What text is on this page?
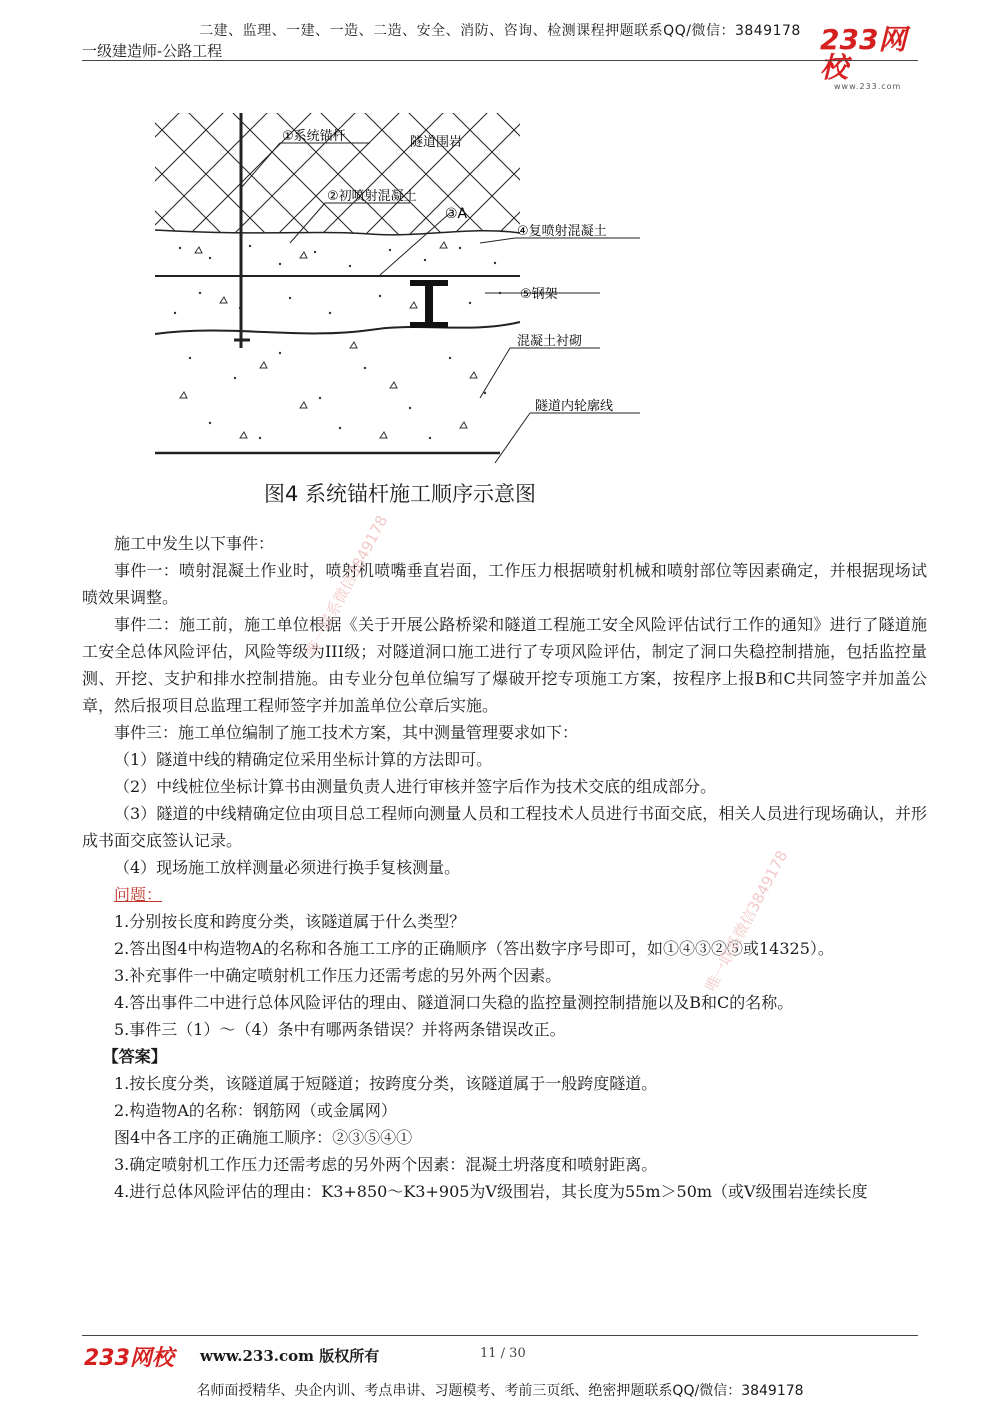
二建、监理、一建、一造、二造、安全、消防、咨询、检测课程押题联系QQ/微信：3849178
一级建造师-公路工程	233网校
www.233.com
①系统锚杆	隧道围岩
②初喷射混凝土
③A
④复喷射混凝土
⑤钢架
混凝土衬砌
隧道内轮廓线
图4 系统锚杆施工顺序示意图

施工中发生以下事件：

事件一：喷射混凝土作业时，喷射机喷嘴垂直岩面，工作压力根据喷射机械和喷射部位等因素确定，并根据现场试喷效果调整。

事件二：施工前，施工单位根据《关于开展公路桥梁和隧道工程施工安全风险评估试行工作的通知》进行了隧道施工安全总体风险评估，风险等级为III级；对隧道洞口施工进行了专项风险评估，制定了洞口失稳控制措施，包括监控量测、开挖、支护和排水控制措施。由专业分包单位编写了爆破开挖专项施工方案，按程序上报B和C共同签字并加盖公章，然后报项目总监理工程师签字并加盖单位公章后实施。

事件三：施工单位编制了施工技术方案，其中测量管理要求如下：

（1）隧道中线的精确定位采用坐标计算的方法即可。

（2）中线桩位坐标计算书由测量负责人进行审核并签字后作为技术交底的组成部分。

（3）隧道的中线精确定位由项目总工程师向测量人员和工程技术人员进行书面交底，相关人员进行现场确认，并形成书面交底签认记录。

（4）现场施工放样测量必须进行换手复核测量。

问题：

1.分别按长度和跨度分类，该隧道属于什么类型？

2.答出图4中构造物A的名称和各施工工序的正确顺序（答出数字序号即可，如①④③②⑤或14325）。

3.补充事件一中确定喷射机工作压力还需考虑的另外两个因素。

4.答出事件二中进行总体风险评估的理由、隧道洞口失稳的监控量测控制措施以及B和C的名称。

5.事件三（1）～（4）条中有哪两条错误？并将两条错误改正。

【答案】

1.按长度分类，该隧道属于短隧道；按跨度分类，该隧道属于一般跨度隧道。

2.构造物A的名称：钢筋网（或金属网）

图4中各工序的正确施工顺序：②③⑤④①

3.确定喷射机工作压力还需考虑的另外两个因素：混凝土坍落度和喷射距离。

4.进行总体风险评估的理由：K3+850～K3+905为V级围岩，其长度为55m＞50m（或V级围岩连续长度

唯一联系微信3849178
唯一联系微信3849178
233网校 www.233.com 版权所有	11 / 30
名师面授精华、央企内训、考点串讲、习题模考、考前三页纸、绝密押题联系QQ/微信：3849178
